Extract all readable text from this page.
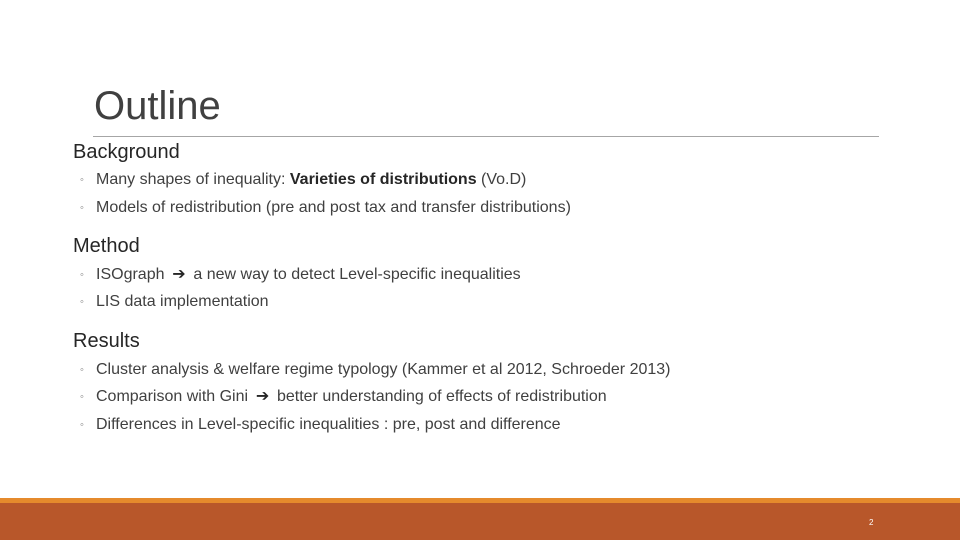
Outline
Background
◦ Many shapes of inequality: Varieties of distributions (Vo.D)
◦ Models of redistribution (pre and post tax and transfer distributions)
Method
◦ ISOgraph ➔ a new way to detect Level-specific inequalities
◦ LIS data implementation
Results
◦ Cluster analysis & welfare regime typology (Kammer et al 2012, Schroeder 2013)
◦ Comparison with Gini ➔ better understanding of effects of redistribution
◦ Differences in Level-specific inequalities : pre, post and difference
2
